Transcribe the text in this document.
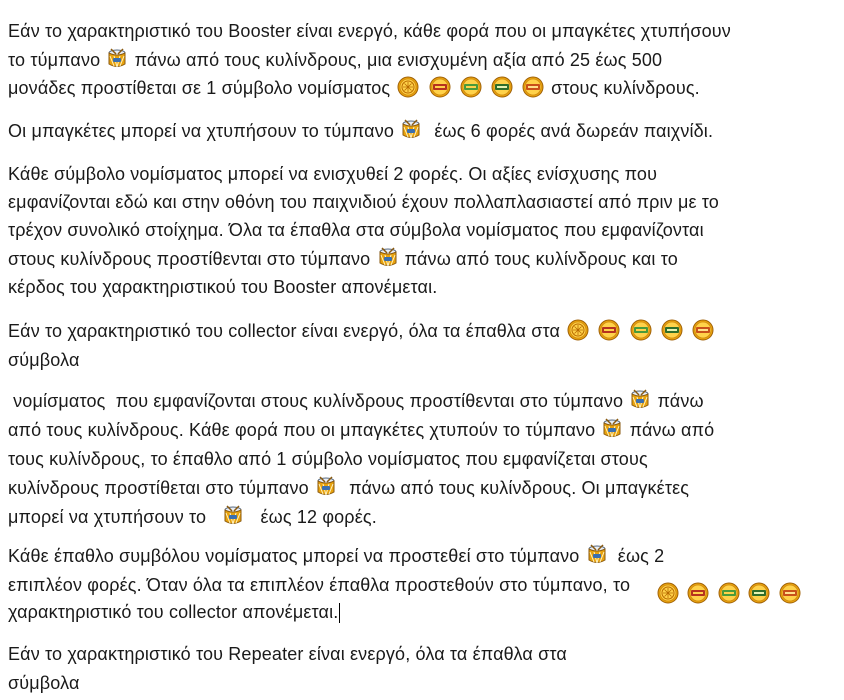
Εάν το χαρακτηριστικό του Booster είναι ενεργό, κάθε φορά που οι μπαγκέτες χτυπήσουν
το τύμπανο πάνω από τους κυλίνδρους, μια ενισχυμένη αξία από 25 έως 500
μονάδες προστίθεται σε 1 σύμβολο νομίσματος

	στους κυλίνδρους.
Οι μπαγκέτες μπορεί να χτυπήσουν το τύμπανο έως 6 φορές ανά δωρεάν παιχνίδι.
Κάθε σύμβολο νομίσματος μπορεί να ενισχυθεί 2 φορές. Οι αξίες ενίσχυσης που
εμφανίζονται εδώ και στην οθόνη του παιχνιδιού έχουν πολλαπλασιαστεί από πριν με το
τρέχον συνολικό στοίχημα. Όλα τα έπαθλα στα σύμβολα νομίσματος που εμφανίζονται
στους κυλίνδρους προστίθενται στο τύμπανο πάνω από τους κυλίνδρους και το
κέρδος του χαρακτηριστικού του Booster απονέμεται.
Εάν το χαρακτηριστικό του collector είναι ενεργό, όλα τα έπαθλα στα

σύμβολα
νομίσματος  που εμφανίζονται στους κυλίνδρους προστίθενται στο τύμπανο πάνω
από τους κυλίνδρους. Κάθε φορά που οι μπαγκέτες χτυπούν το τύμπανο πάνω από
τους κυλίνδρους, το έπαθλο από 1 σύμβολο νομίσματος που εμφανίζεται στους
κυλίνδρους προστίθεται στο τύμπανο πάνω από τους κυλίνδρους. Οι μπαγκέτες
μπορεί να χτυπήσουν το	έως 12 φορές.
Κάθε έπαθλο συμβόλου νομίσματος μπορεί να προστεθεί στο τύμπανο έως 2
επιπλέον φορές. Όταν όλα τα επιπλέον έπαθλα προστεθούν στο τύμπανο, το
χαρακτηριστικό του collector απονέμεται.

Εάν το χαρακτηριστικό του Repeater είναι ενεργό, όλα τα έπαθλα στα
σύμβολα
